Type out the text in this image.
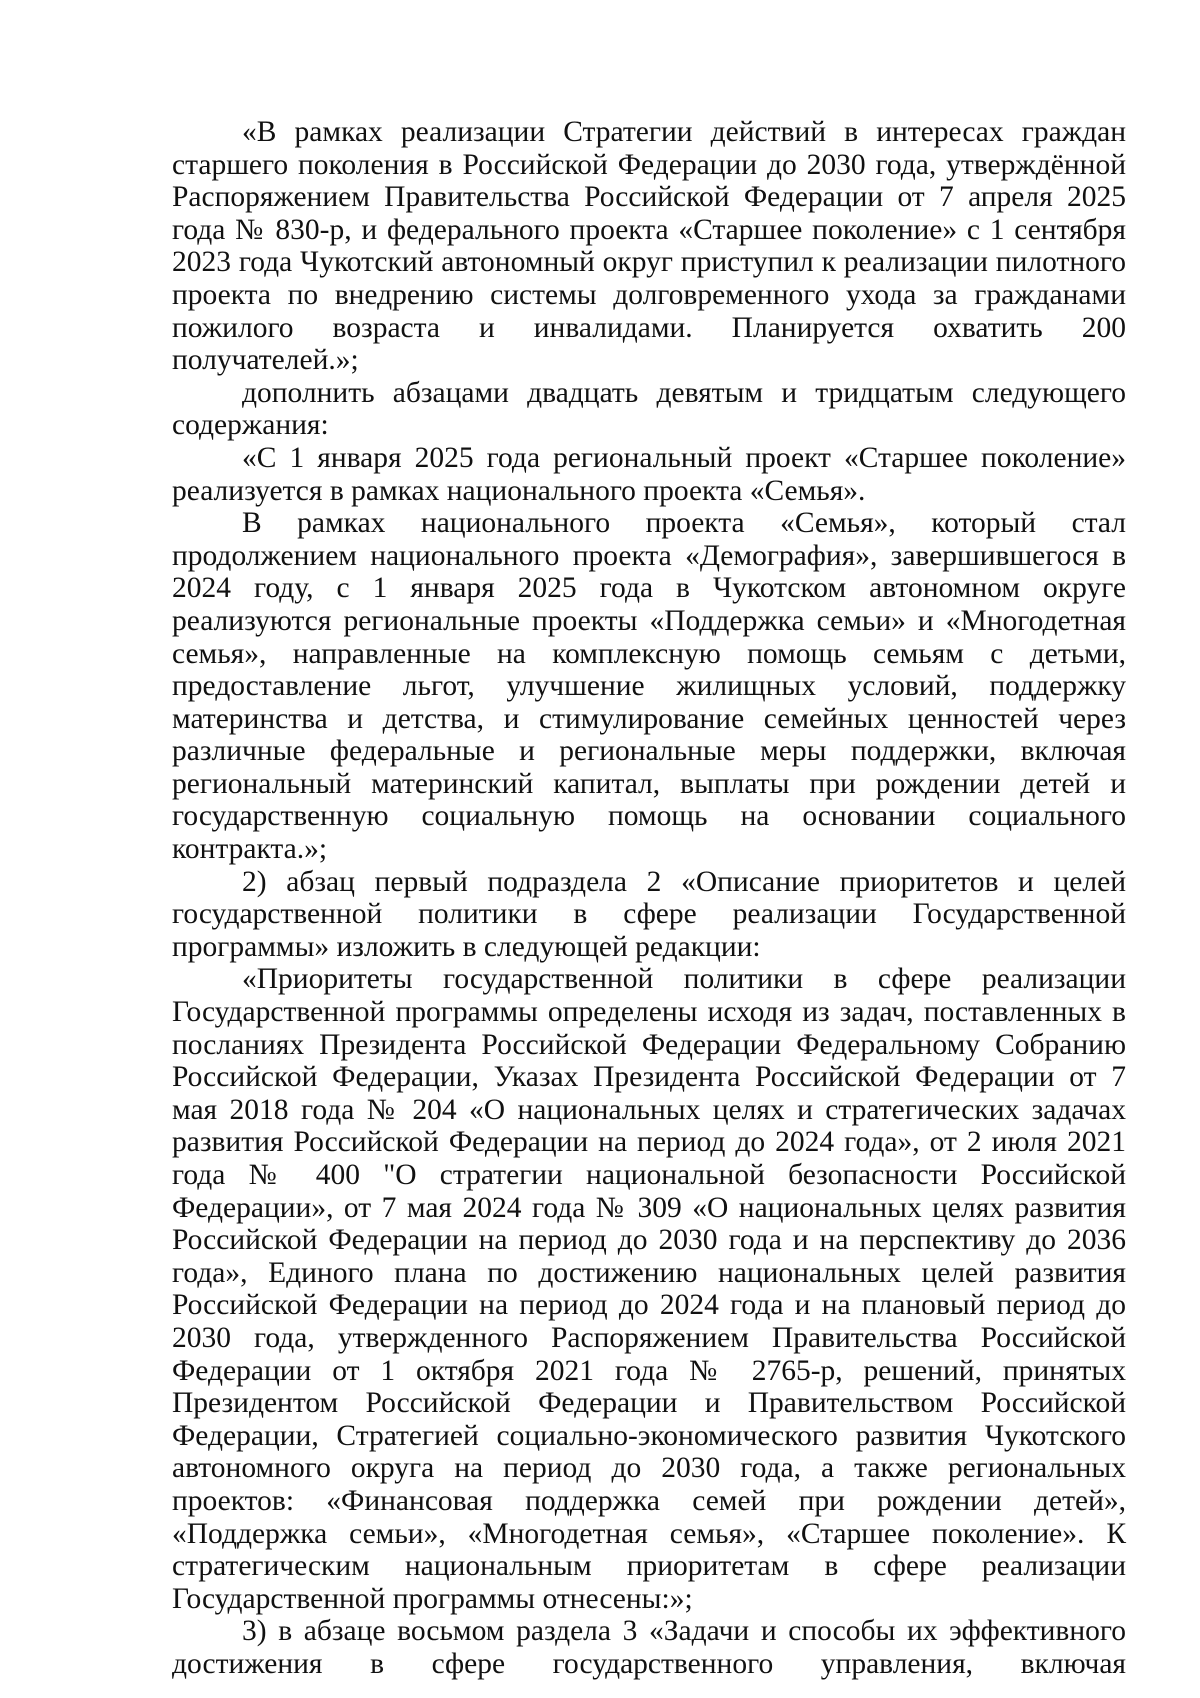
«В рамках реализации Стратегии действий в интересах граждан старшего поколения в Российской Федерации до 2030 года, утверждённой Распоряжением Правительства Российской Федерации от 7 апреля 2025 года № 830-р, и федерального проекта «Старшее поколение» с 1 сентября 2023 года Чукотский автономный округ приступил к реализации пилотного проекта по внедрению системы долговременного ухода за гражданами пожилого возраста и инвалидами. Планируется охватить 200 получателей.»;

дополнить абзацами двадцать девятым и тридцатым следующего содержания:

«С 1 января 2025 года региональный проект «Старшее поколение» реализуется в рамках национального проекта «Семья».

В рамках национального проекта «Семья», который стал продолжением национального проекта «Демография», завершившегося в 2024 году, с 1 января 2025 года в Чукотском автономном округе реализуются региональные проекты «Поддержка семьи» и «Многодетная семья», направленные на комплексную помощь семьям с детьми, предоставление льгот, улучшение жилищных условий, поддержку материнства и детства, и стимулирование семейных ценностей через различные федеральные и региональные меры поддержки, включая региональный материнский капитал, выплаты при рождении детей и государственную социальную помощь на основании социального контракта.»;

2) абзац первый подраздела 2 «Описание приоритетов и целей государственной политики в сфере реализации Государственной программы» изложить в следующей редакции:

«Приоритеты государственной политики в сфере реализации Государственной программы определены исходя из задач, поставленных в посланиях Президента Российской Федерации Федеральному Собранию Российской Федерации, Указах Президента Российской Федерации от 7 мая 2018 года № 204 «О национальных целях и стратегических задачах развития Российской Федерации на период до 2024 года», от 2 июля 2021 года № 400 "О стратегии национальной безопасности Российской Федерации», от 7 мая 2024 года № 309 «О национальных целях развития Российской Федерации на период до 2030 года и на перспективу до 2036 года», Единого плана по достижению национальных целей развития Российской Федерации на период до 2024 года и на плановый период до 2030 года, утвержденного Распоряжением Правительства Российской Федерации от 1 октября 2021 года № 2765-р, решений, принятых Президентом Российской Федерации и Правительством Российской Федерации, Стратегией социально-экономического развития Чукотского автономного округа на период до 2030 года, а также региональных проектов: «Финансовая поддержка семей при рождении детей», «Поддержка семьи», «Многодетная семья», «Старшее поколение». К стратегическим национальным приоритетам в сфере реализации Государственной программы отнесены:»;

3) в абзаце восьмом раздела 3 «Задачи и способы их эффективного достижения в сфере государственного управления, включая
